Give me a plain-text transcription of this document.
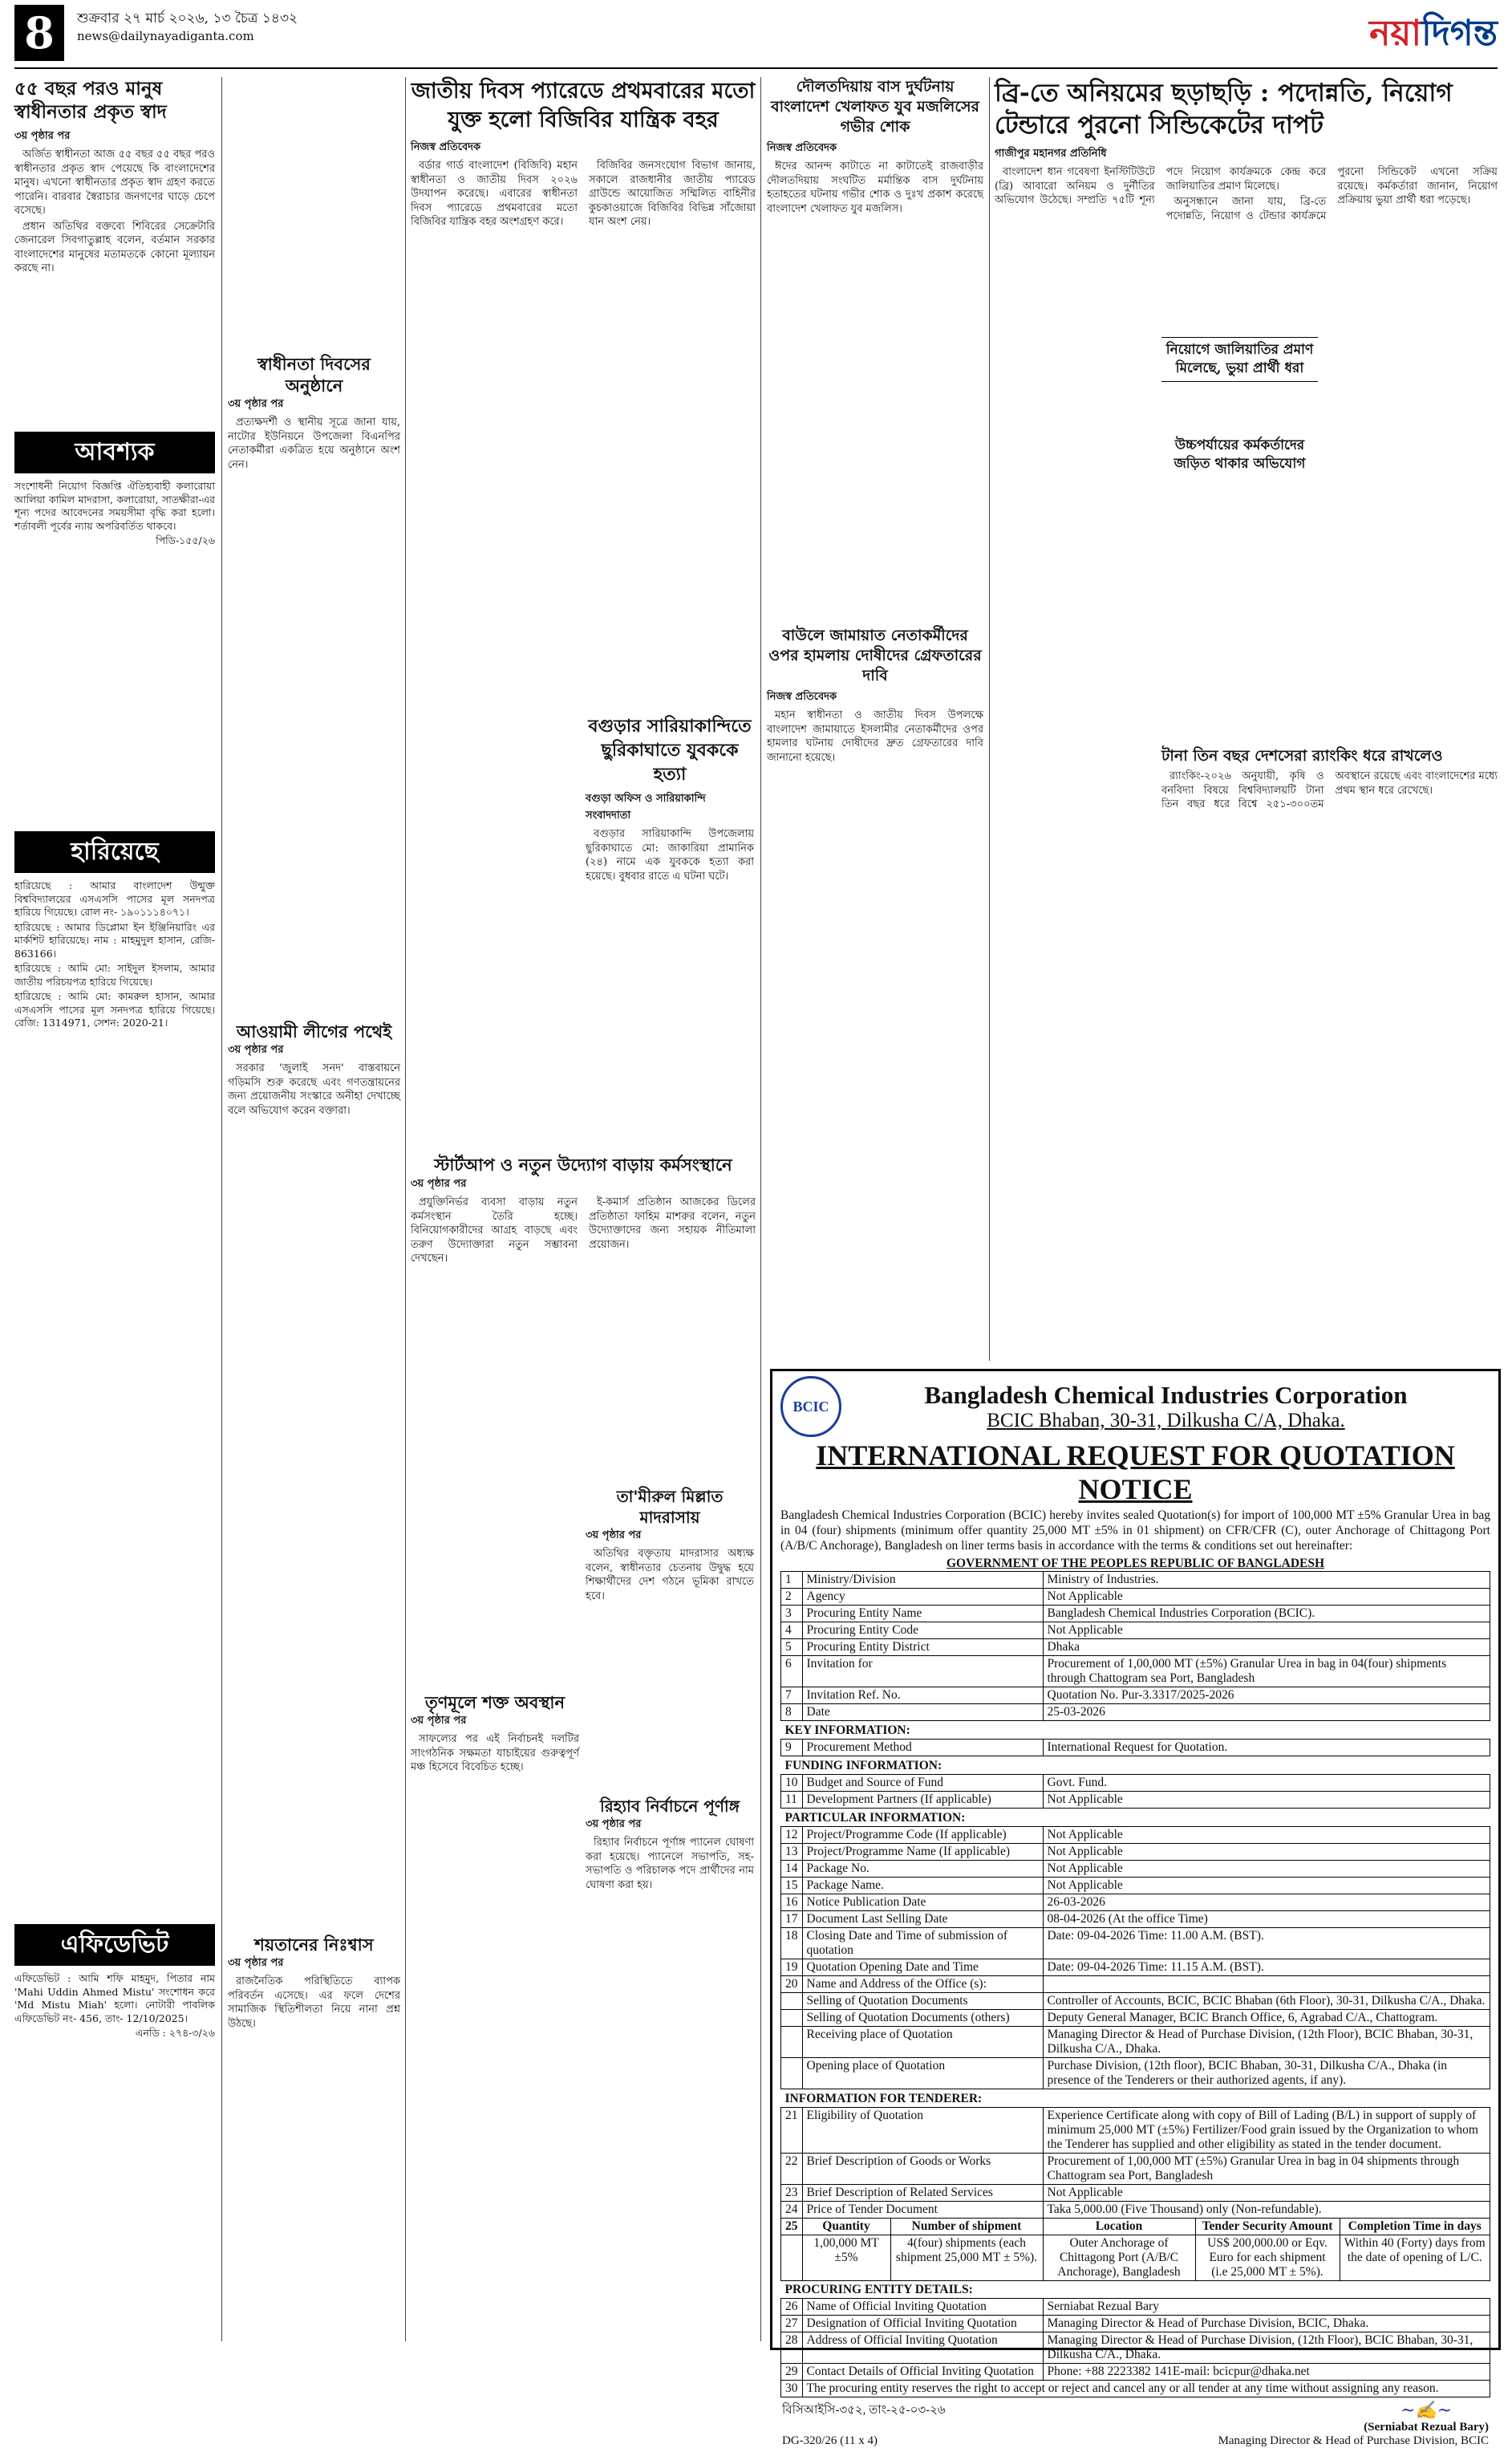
8	শুক্রবার ২৭ মার্চ ২০২৬, ১৩ চৈত্র ১৪৩২
news@dailynayadiganta.com	নয়াদিগন্ত
৫৫ বছর পরও মানুষ স্বাধীনতার প্রকৃত স্বাদ
৩য় পৃষ্ঠার পর

অর্জিত স্বাধীনতা আজ ৫৫ বছর ৫৫ বছর পরও স্বাধীনতার প্রকৃত স্বাদ পেয়েছে কি বাংলাদেশের মানুষ। এখনো স্বাধীনতার প্রকৃত স্বাদ গ্রহণ করতে পারেনি। বারবার স্বৈরাচার জনগণের ঘাড়ে চেপে বসেছে।

প্রধান অতিথির বক্তব্যে শিবিরের সেক্রেটারি জেনারেল সিবগাতুল্লাহ বলেন, বর্তমান সরকার বাংলাদেশের মানুষের মতামতকে কোনো মূল্যায়ন করছে না।

আবশ্যক

সংশোধনী নিয়োগ বিজ্ঞপ্তি ঐতিহ্যবাহী কলারোয়া আলিয়া কামিল মাদরাসা, কলারোয়া, সাতক্ষীরা-এর শূন্য পদের আবেদনের সময়সীমা বৃদ্ধি করা হলো। শর্তাবলী পূর্বের ন্যায় অপরিবর্তিত থাকবে।

পিডি-১৫৫/২৬

হারিয়েছে

হারিয়েছে : আমার বাংলাদেশ উন্মুক্ত বিশ্ববিদ্যালয়ের এসএসসি পাসের মূল সনদপত্র হারিয়ে গিয়েছে। রোল নং- ১৯০১১১৪০৭১।

হারিয়েছে : আমার ডিপ্লোমা ইন ইঞ্জিনিয়ারিং এর মার্কশিট হারিয়েছে। নাম : মাহমুদুল হাসান, রেজি- 863166।

হারিয়েছে : আমি মো: সাইদুল ইসলাম, আমার জাতীয় পরিচয়পত্র হারিয়ে গিয়েছে।

হারিয়েছে : আমি মো: কামরুল হাসান, আমার এসএসসি পাসের মূল সনদপত্র হারিয়ে গিয়েছে। রেজি: 1314971, সেশন: 2020-21।

এফিডেভিট

এফিডেভিট : আমি শফি মাহমুদ, পিতার নাম 'Mahi Uddin Ahmed Mistu' সংশোধন করে 'Md Mistu Miah' হলো। নোটারী পাবলিক এফিডেভিট নং- 456, তাং- 12/10/2025।

এনডি : ২৭৪-৩/২৬

স্বাধীনতা দিবসের অনুষ্ঠানে
৩য় পৃষ্ঠার পর

প্রত্যক্ষদর্শী ও স্থানীয় সূত্রে জানা যায়, নাটোর ইউনিয়নে উপজেলা বিএনপির নেতাকর্মীরা একত্রিত হয়ে অনুষ্ঠানে অংশ নেন।

আওয়ামী লীগের পথেই
৩য় পৃষ্ঠার পর

সরকার 'জুলাই সনদ' বাস্তবায়নে গড়িমসি শুরু করেছে এবং গণতন্ত্রায়নের জন্য প্রয়োজনীয় সংস্কারে অনীহা দেখাচ্ছে বলে অভিযোগ করেন বক্তারা।

শয়তানের নিঃশ্বাস
৩য় পৃষ্ঠার পর

রাজনৈতিক পরিস্থিতিতে ব্যাপক পরিবর্তন এসেছে। এর ফলে দেশের সামাজিক স্থিতিশীলতা নিয়ে নানা প্রশ্ন উঠছে।

জাতীয় দিবস প্যারেডে প্রথমবারের মতো যুক্ত হলো বিজিবির যান্ত্রিক বহর
নিজস্ব প্রতিবেদক

বর্ডার গার্ড বাংলাদেশ (বিজিবি) মহান স্বাধীনতা ও জাতীয় দিবস ২০২৬ উদযাপন করেছে। এবারের স্বাধীনতা দিবস প্যারেডে প্রথমবারের মতো বিজিবির যান্ত্রিক বহর অংশগ্রহণ করে।

বিজিবির জনসংযোগ বিভাগ জানায়, সকালে রাজধানীর জাতীয় প্যারেড গ্রাউন্ডে আয়োজিত সম্মিলিত বাহিনীর কুচকাওয়াজে বিজিবির বিভিন্ন সাঁজোয়া যান অংশ নেয়।

বগুড়ার সারিয়াকান্দিতে ছুরিকাঘাতে যুবককে হত্যা
বগুড়া অফিস ও সারিয়াকান্দি সংবাদদাতা

বগুড়ার সারিয়াকান্দি উপজেলায় ছুরিকাঘাতে মো: জাকারিয়া প্রামানিক (২৪) নামে এক যুবককে হত্যা করা হয়েছে। বুধবার রাতে এ ঘটনা ঘটে।

স্টার্টআপ ও নতুন উদ্যোগ বাড়ায় কর্মসংস্থানে
৩য় পৃষ্ঠার পর

প্রযুক্তিনির্ভর ব্যবসা বাড়ায় নতুন কর্মসংস্থান তৈরি হচ্ছে। বিনিয়োগকারীদের আগ্রহ বাড়ছে এবং তরুণ উদ্যোক্তারা নতুন সম্ভাবনা দেখছেন।

ই-কমার্স প্রতিষ্ঠান আজকের ডিলের প্রতিষ্ঠাতা ফাহিম মাশরুর বলেন, নতুন উদ্যোক্তাদের জন্য সহায়ক নীতিমালা প্রয়োজন।

তৃণমূলে শক্ত অবস্থান
৩য় পৃষ্ঠার পর

সাফল্যের পর এই নির্বাচনই দলটির সাংগঠনিক সক্ষমতা যাচাইয়ের গুরুত্বপূর্ণ মঞ্চ হিসেবে বিবেচিত হচ্ছে।

তা'মীরুল মিল্লাত মাদরাসায়
৩য় পৃষ্ঠার পর

অতিথির বক্তৃতায় মাদরাসার অধ্যক্ষ বলেন, স্বাধীনতার চেতনায় উদ্বুদ্ধ হয়ে শিক্ষার্থীদের দেশ গঠনে ভূমিকা রাখতে হবে।

রিহ্যাব নির্বাচনে পূর্ণাঙ্গ
৩য় পৃষ্ঠার পর

রিহ্যাব নির্বাচনে পূর্ণাঙ্গ প্যানেল ঘোষণা করা হয়েছে। প্যানেলে সভাপতি, সহ-সভাপতি ও পরিচালক পদে প্রার্থীদের নাম ঘোষণা করা হয়।

দৌলতদিয়ায় বাস দুর্ঘটনায় বাংলাদেশ খেলাফত যুব মজলিসের গভীর শোক
নিজস্ব প্রতিবেদক

ঈদের আনন্দ কাটাতে না কাটাতেই রাজবাড়ীর দৌলতদিয়ায় সংঘটিত মর্মান্তিক বাস দুর্ঘটনায় হতাহতের ঘটনায় গভীর শোক ও দুঃখ প্রকাশ করেছে বাংলাদেশ খেলাফত যুব মজলিস।

বাউলে জামায়াত নেতাকর্মীদের ওপর হামলায় দোষীদের গ্রেফতারের দাবি
নিজস্ব প্রতিবেদক

মহান স্বাধীনতা ও জাতীয় দিবস উপলক্ষে বাংলাদেশ জামায়াতে ইসলামীর নেতাকর্মীদের ওপর হামলার ঘটনায় দোষীদের দ্রুত গ্রেফতারের দাবি জানানো হয়েছে।

ব্রি-তে অনিয়মের ছড়াছড়ি : পদোন্নতি, নিয়োগ টেন্ডারে পুরনো সিন্ডিকেটের দাপট
গাজীপুর মহানগর প্রতিনিধি

বাংলাদেশ ধান গবেষণা ইনস্টিটিউটে (ব্রি) আবারো অনিয়ম ও দুর্নীতির অভিযোগ উঠেছে। সম্প্রতি ৭৫টি শূন্য পদে নিয়োগ কার্যক্রমকে কেন্দ্র করে জালিয়াতির প্রমাণ মিলেছে।

অনুসন্ধানে জানা যায়, ব্রি-তে পদোন্নতি, নিয়োগ ও টেন্ডার কার্যক্রমে পুরনো সিন্ডিকেট এখনো সক্রিয় রয়েছে। কর্মকর্তারা জানান, নিয়োগ প্রক্রিয়ায় ভুয়া প্রার্থী ধরা পড়েছে।

নিয়োগে জালিয়াতির প্রমাণ মিলেছে, ভুয়া প্রার্থী ধরা
উচ্চপর্যায়ের কর্মকর্তাদের জড়িত থাকার অভিযোগ
টানা তিন বছর দেশসেরা র‌্যাংকিং ধরে রাখলেও

র‌্যাংকিং-২০২৬ অনুযায়ী, কৃষি ও বনবিদ্যা বিষয়ে বিশ্ববিদ্যালয়টি টানা তিন বছর ধরে বিশ্বে ২৫১-৩০০তম অবস্থানে রয়েছে এবং বাংলাদেশের মধ্যে প্রথম স্থান ধরে রেখেছে।

BCIC	Bangladesh Chemical Industries Corporation
BCIC Bhaban, 30-31, Dilkusha C/A, Dhaka.
INTERNATIONAL REQUEST FOR QUOTATION NOTICE
Bangladesh Chemical Industries Corporation (BCIC) hereby invites sealed Quotation(s) for import of 100,000 MT ±5% Granular Urea in bag in 04 (four) shipments (minimum offer quantity 25,000 MT ±5% in 01 shipment) on CFR/CFR (C), outer Anchorage of Chittagong Port (A/B/C Anchorage), Bangladesh on liner terms basis in accordance with the terms & conditions set out hereinafter:
GOVERNMENT OF THE PEOPLES REPUBLIC OF BANGLADESH
1	Ministry/Division	Ministry of Industries.
2	Agency	Not Applicable
3	Procuring Entity Name	Bangladesh Chemical Industries Corporation (BCIC).
4	Procuring Entity Code	Not Applicable
5	Procuring Entity District	Dhaka
6	Invitation for	Procurement of 1,00,000 MT (±5%) Granular Urea in bag in 04(four) shipments through Chattogram sea Port, Bangladesh
7	Invitation Ref. No.	Quotation No. Pur-3.3317/2025-2026
8	Date	25-03-2026
KEY INFORMATION:		
9	Procurement Method	International Request for Quotation.
FUNDING INFORMATION:		
10	Budget and Source of Fund	Govt. Fund.
11	Development Partners (If applicable)	Not Applicable
PARTICULAR INFORMATION:		
12	Project/Programme Code (If applicable)	Not Applicable
13	Project/Programme Name (If applicable)	Not Applicable
14	Package No.	Not Applicable
15	Package Name.	Not Applicable
16	Notice Publication Date	26-03-2026
17	Document Last Selling Date	08-04-2026 (At the office Time)
18	Closing Date and Time of submission of quotation	Date: 09-04-2026 Time: 11.00 A.M. (BST).
19	Quotation Opening Date and Time	Date: 09-04-2026 Time: 11.15 A.M. (BST).
20	Name and Address of the Office (s):	
	Selling of Quotation Documents	Controller of Accounts, BCIC, BCIC Bhaban (6th Floor), 30-31, Dilkusha C/A., Dhaka.
	Selling of Quotation Documents (others)	Deputy General Manager, BCIC Branch Office, 6, Agrabad C/A., Chattogram.
	Receiving place of Quotation	Managing Director & Head of Purchase Division, (12th Floor), BCIC Bhaban, 30-31, Dilkusha C/A., Dhaka.
	Opening place of Quotation	Purchase Division, (12th floor), BCIC Bhaban, 30-31, Dilkusha C/A., Dhaka (in presence of the Tenderers or their authorized agents, if any).
INFORMATION FOR TENDERER:		
21	Eligibility of Quotation	Experience Certificate along with copy of Bill of Lading (B/L) in support of supply of minimum 25,000 MT (±5%) Fertilizer/Food grain issued by the Organization to whom the Tenderer has supplied and other eligibility as stated in the tender document.
22	Brief Description of Goods or Works	Procurement of 1,00,000 MT (±5%) Granular Urea in bag in 04 shipments through Chattogram sea Port, Bangladesh
23	Brief Description of Related Services	Not Applicable
24	Price of Tender Document	Taka 5,000.00 (Five Thousand) only (Non-refundable).
25	Quantity	Number of shipment	Location	Tender Security Amount	Completion Time in days
	1,00,000 MT ±5%	4(four) shipments (each shipment 25,000 MT ± 5%).	Outer Anchorage of Chittagong Port (A/B/C Anchorage), Bangladesh	US$ 200,000.00 or Eqv. Euro for each shipment (i.e 25,000 MT ± 5%).	Within 40 (Forty) days from the date of opening of L/C.
PROCURING ENTITY DETAILS:		
26	Name of Official Inviting Quotation	Serniabat Rezual Bary
27	Designation of Official Inviting Quotation	Managing Director & Head of Purchase Division, BCIC, Dhaka.
28	Address of Official Inviting Quotation	Managing Director & Head of Purchase Division, (12th Floor), BCIC Bhaban, 30-31, Dilkusha C/A., Dhaka.
29	Contact Details of Official Inviting Quotation	Phone: +88 2223382 141E-mail: bcicpur@dhaka.net
30	The procuring entity reserves the right to accept or reject and cancel any or all tender at any time without assigning any reason.	
বিসিআইসি-৩৫২, তাং-২৫-০৩-২৬	~✍~
(Serniabat Rezual Bary)
DG-320/26 (11 x 4)	Managing Director & Head of Purchase Division, BCIC
